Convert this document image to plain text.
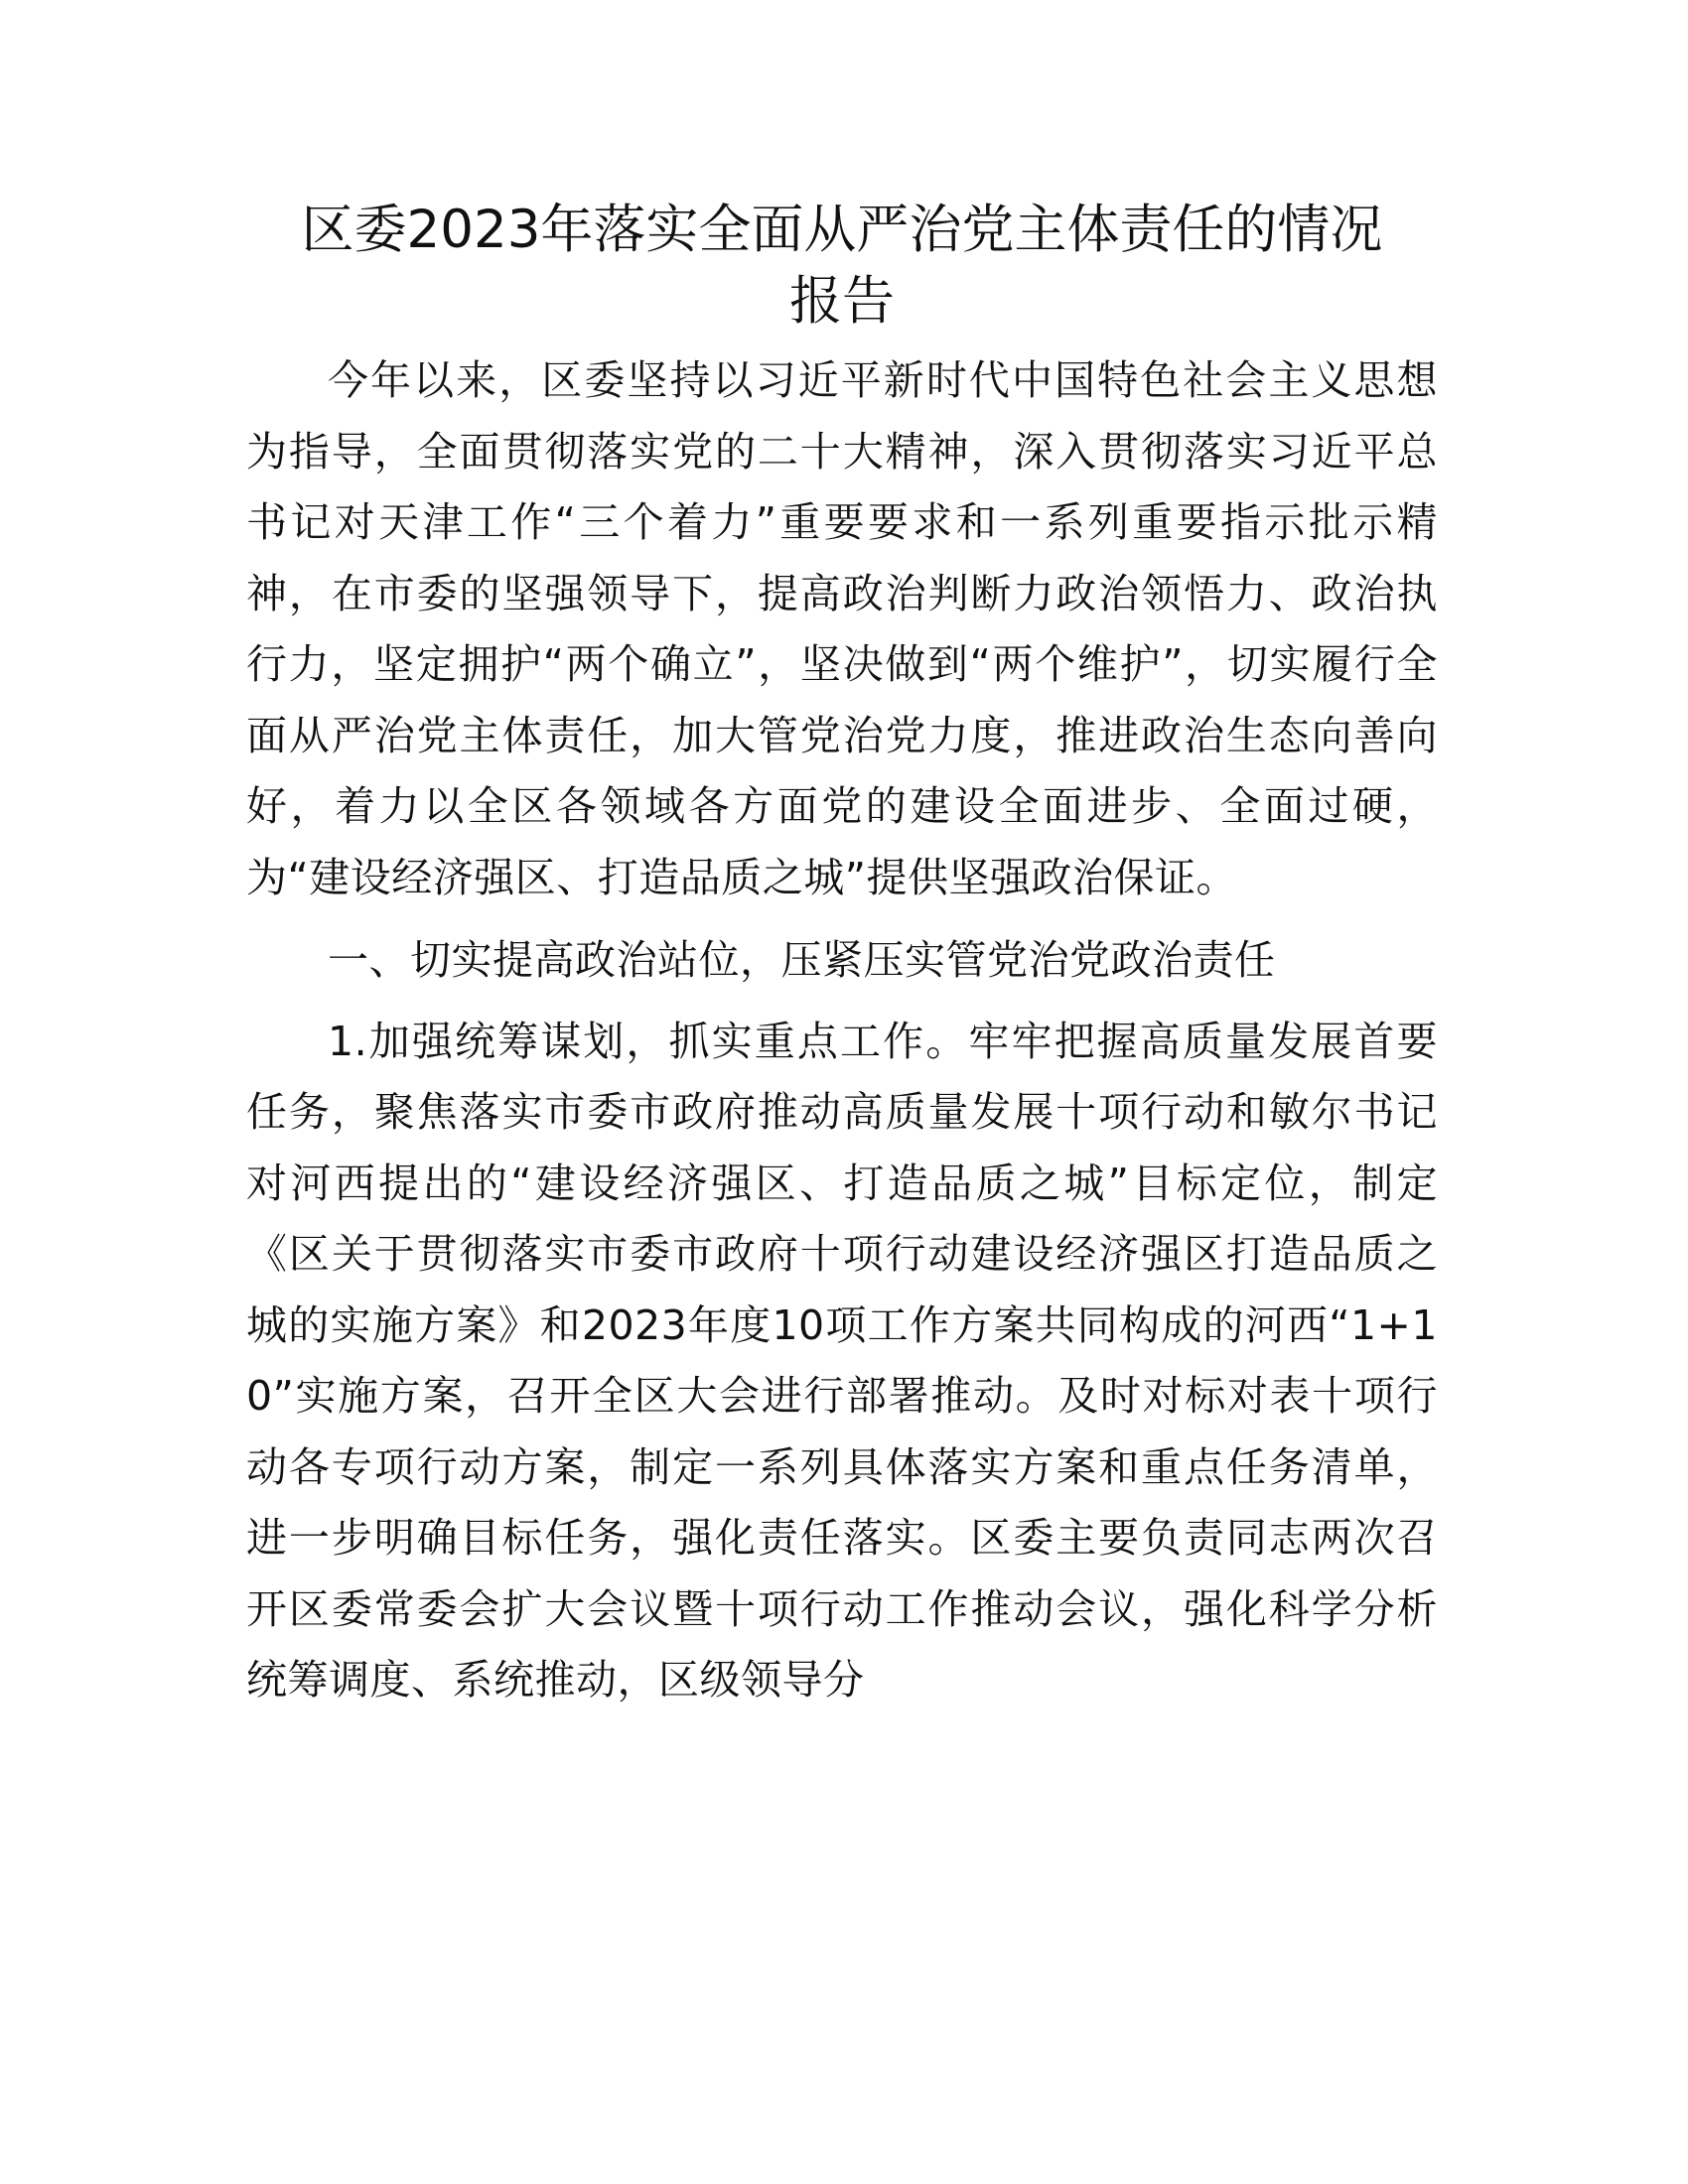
区委2023年落实全面从严治党主体责任的情况
报告

今年以来，区委坚持以习近平新时代中国特色社会主义思想为指导，全面贯彻落实党的二十大精神，深入贯彻落实习近平总书记对天津工作“三个着力”重要要求和一系列重要指示批示精神，在市委的坚强领导下，提高政治判断力政治领悟力、政治执行力，坚定拥护“两个确立”，坚决做到“两个维护”，切实履行全面从严治党主体责任，加大管党治党力度，推进政治生态向善向好，着力以全区各领域各方面党的建设全面进步、全面过硬，为“建设经济强区、打造品质之城”提供坚强政治保证。

一、切实提高政治站位，压紧压实管党治党政治责任

1.加强统筹谋划，抓实重点工作。牢牢把握高质量发展首要任务，聚焦落实市委市政府推动高质量发展十项行动和敏尔书记对河西提出的“建设经济强区、打造品质之城”目标定位，制定《区关于贯彻落实市委市政府十项行动建设经济强区打造品质之城的实施方案》和2023年度10项工作方案共同构成的河西“1+10”实施方案，召开全区大会进行部署推动。及时对标对表十项行动各专项行动方案，制定一系列具体落实方案和重点任务清单，进一步明确目标任务，强化责任落实。区委主要负责同志两次召开区委常委会扩大会议暨十项行动工作推动会议，强化科学分析统筹调度、系统推动，区级领导分
